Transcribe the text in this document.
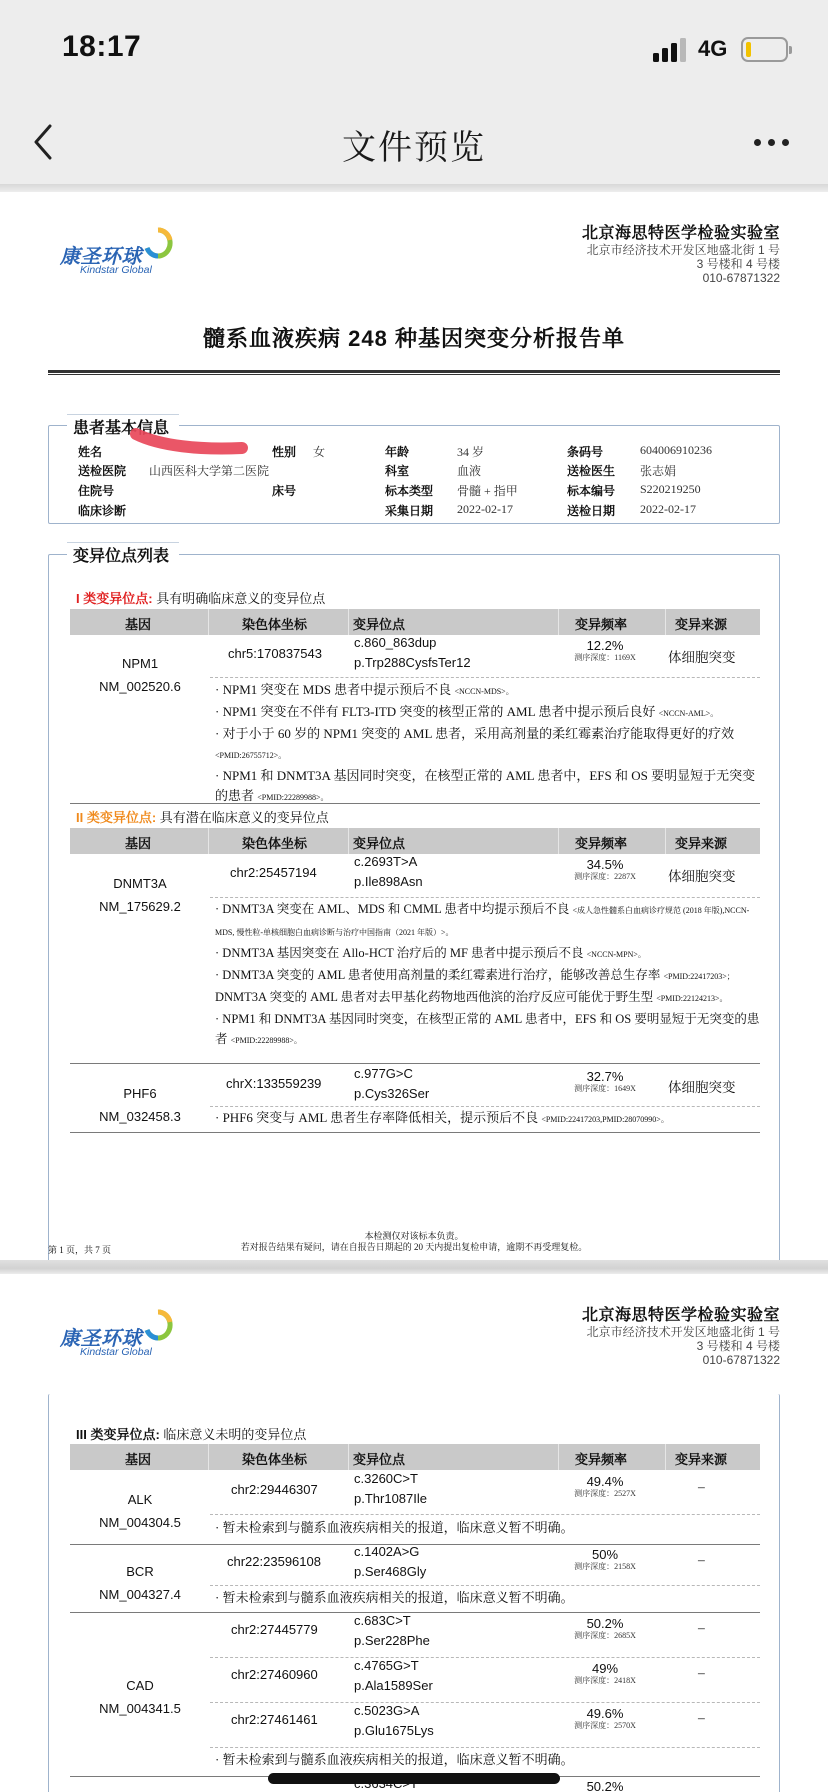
18:17	4G
文件预览
康圣环球
Kindstar Global
北京海思特医学检验实验室
北京市经济技术开发区地盛北街 1 号
3 号楼和 4 号楼
010-67871322
髓系血液疾病 248 种基因突变分析报告单
患者基本信息
姓名	性别 女	年龄	34 岁	条码号	604006910236
送检医院 山西医科大学第二医院	科室	血液	送检医生 张志娟
住院号	床号	标本类型 骨髓 + 指甲	标本编号 S220219250
临床诊断	采集日期 2022-02-17	送检日期 2022-02-17
变异位点列表
I 类变异位点: 具有明确临床意义的变异位点
基因	染色体坐标	变异位点	变异频率	变异来源
NPM1
NM_002520.6
chr5:170837543
c.860_863dup
p.Trp288CysfsTer12
12.2%
测序深度：1169X	体细胞突变
· NPM1 突变在 MDS 患者中提示预后不良 <NCCN-MDS>。
· NPM1 突变在不伴有 FLT3-ITD 突变的核型正常的 AML 患者中提示预后良好 <NCCN-AML>。
· 对于小于 60 岁的 NPM1 突变的 AML 患者，采用高剂量的柔红霉素治疗能取得更好的疗效 <PMID:26755712>。
· NPM1 和 DNMT3A 基因同时突变，在核型正常的 AML 患者中，EFS 和 OS 要明显短于无突变的患者 <PMID:22289988>。
II 类变异位点: 具有潜在临床意义的变异位点
基因	染色体坐标	变异位点	变异频率	变异来源
DNMT3A
NM_175629.2
chr2:25457194
c.2693T>A
p.Ile898Asn
34.5%
测序深度：2287X	体细胞突变
· DNMT3A 突变在 AML、MDS 和 CMML 患者中均提示预后不良 <成人急性髓系白血病诊疗规范 (2018 年版),NCCN-MDS, 慢性粒-单核细胞白血病诊断与治疗中国指南（2021 年版）>。
· DNMT3A 基因突变在 Allo-HCT 治疗后的 MF 患者中提示预后不良 <NCCN-MPN>。
· DNMT3A 突变的 AML 患者使用高剂量的柔红霉素进行治疗，能够改善总生存率 <PMID:22417203>； DNMT3A 突变的 AML 患者对去甲基化药物地西他滨的治疗反应可能优于野生型 <PMID:22124213>。
· NPM1 和 DNMT3A 基因同时突变，在核型正常的 AML 患者中，EFS 和 OS 要明显短于无突变的患者 <PMID:22289988>。
PHF6
NM_032458.3
chrX:133559239
c.977G>C
p.Cys326Ser
32.7%
测序深度：1649X	体细胞突变
· PHF6 突变与 AML 患者生存率降低相关，提示预后不良 <PMID:22417203,PMID:28070990>。
本检测仅对该标本负责。
若对报告结果有疑问，请在自报告日期起的 20 天内提出复检申请，逾期不再受理复检。
第 1 页，共 7 页
康圣环球
Kindstar Global
北京海思特医学检验实验室
北京市经济技术开发区地盛北街 1 号
3 号楼和 4 号楼
010-67871322
III 类变异位点: 临床意义未明的变异位点
基因	染色体坐标	变异位点	变异频率	变异来源
ALK
NM_004304.5
chr2:29446307
c.3260C>T
p.Thr1087Ile
49.4%
测序深度：2527X	–
· 暂未检索到与髓系血液疾病相关的报道，临床意义暂不明确。
BCR
NM_004327.4
chr22:23596108
c.1402A>G
p.Ser468Gly
50%
测序深度：2158X	–
· 暂未检索到与髓系血液疾病相关的报道，临床意义暂不明确。
CAD
NM_004341.5
chr2:27445779
c.683C>T
p.Ser228Phe
50.2%
测序深度：2685X
–
chr2:27460960
c.4765G>T
p.Ala1589Ser
49%
测序深度：2418X
–
chr2:27461461
c.5023G>A
p.Glu1675Lys
49.6%
测序深度：2570X
–
· 暂未检索到与髓系血液疾病相关的报道，临床意义暂不明确。
50.2%
